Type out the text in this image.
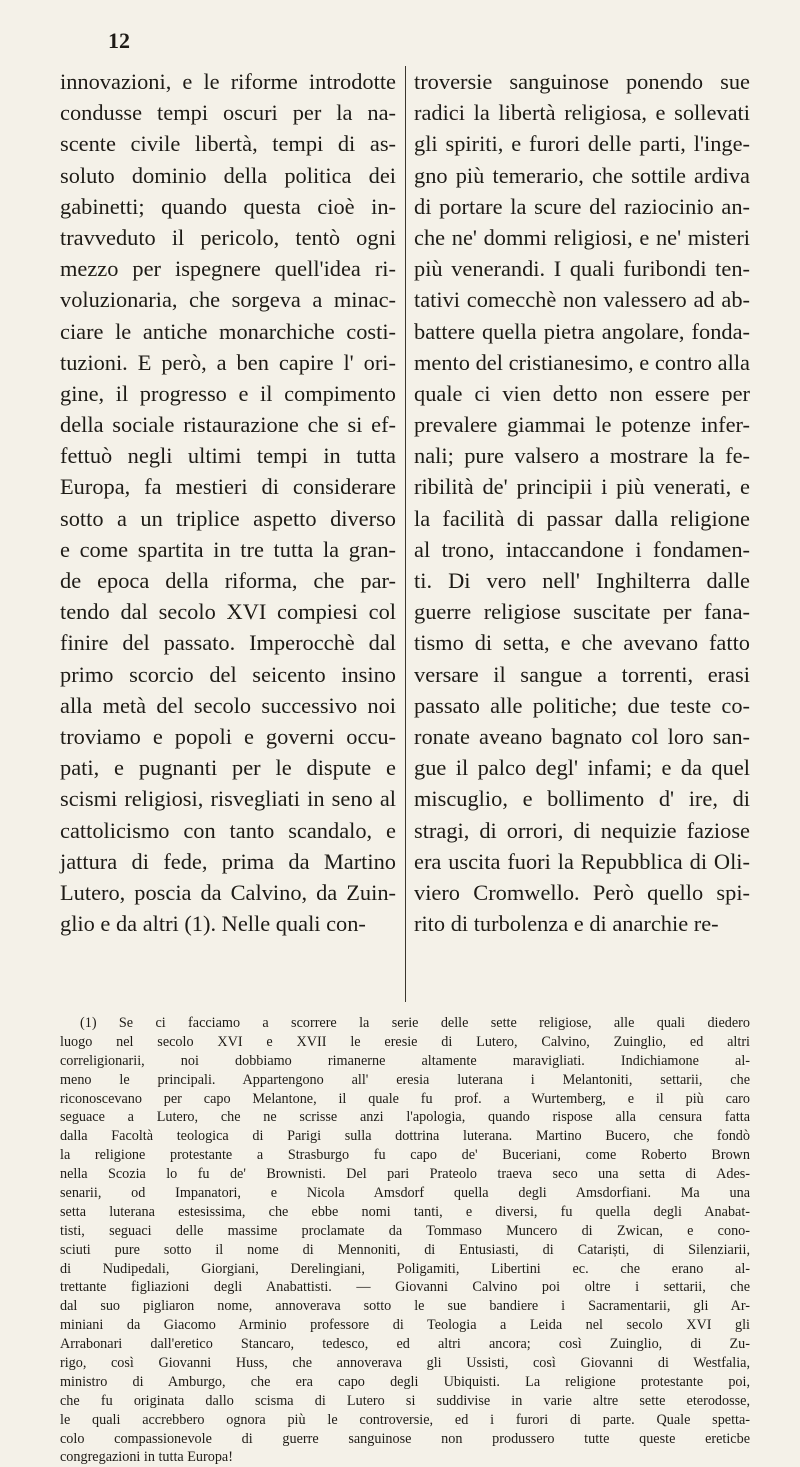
12
innovazioni, e le riforme introdotte
condusse tempi oscuri per la na-
scente civile libertà, tempi di as-
soluto dominio della politica dei
gabinetti; quando questa cioè in-
travveduto il pericolo, tentò ogni
mezzo per ispegnere quell'idea ri-
voluzionaria, che sorgeva a minac-
ciare le antiche monarchiche costi-
tuzioni. E però, a ben capire l' ori-
gine, il progresso e il compimento
della sociale ristaurazione che si ef-
fettuò negli ultimi tempi in tutta
Europa, fa mestieri di considerare
sotto a un triplice aspetto diverso
e come spartita in tre tutta la gran-
de epoca della riforma, che par-
tendo dal secolo XVI compiesi col
finire del passato. Imperocchè dal
primo scorcio del seicento insino
alla metà del secolo successivo noi
troviamo e popoli e governi occu-
pati, e pugnanti per le dispute e
scismi religiosi, risvegliati in seno al
cattolicismo con tanto scandalo, e
jattura di fede, prima da Martino
Lutero, poscia da Calvino, da Zuin-
glio e da altri (1). Nelle quali con-
troversie sanguinose ponendo sue
radici la libertà religiosa, e sollevati
gli spiriti, e furori delle parti, l'inge-
gno più temerario, che sottile ardiva
di portare la scure del raziocinio an-
che ne' dommi religiosi, e ne' misteri
più venerandi. I quali furibondi ten-
tativi comecchè non valessero ad ab-
battere quella pietra angolare, fonda-
mento del cristianesimo, e contro alla
quale ci vien detto non essere per
prevalere giammai le potenze infer-
nali; pure valsero a mostrare la fe-
ribilità de' principii i più venerati, e
la facilità di passar dalla religione
al trono, intaccandone i fondamen-
ti. Di vero nell' Inghilterra dalle
guerre religiose suscitate per fana-
tismo di setta, e che avevano fatto
versare il sangue a torrenti, erasi
passato alle politiche; due teste co-
ronate aveano bagnato col loro san-
gue il palco degl' infami; e da quel
miscuglio, e bollimento d' ire, di
stragi, di orrori, di nequizie faziose
era uscita fuori la Repubblica di Oli-
viero Cromwello. Però quello spi-
rito di turbolenza e di anarchie re-
(1) Se ci facciamo a scorrere la serie delle sette religiose, alle quali diedero
luogo nel secolo XVI e XVII le eresie di Lutero, Calvino, Zuinglio, ed altri
correligionarii, noi dobbiamo rimanerne altamente maravigliati. Indichiamone al-
meno le principali. Appartengono all' eresia luterana i Melantoniti, settarii, che
riconoscevano per capo Melantone, il quale fu prof. a Wurtemberg, e il più caro
seguace a Lutero, che ne scrisse anzi l'apologia, quando rispose alla censura fatta
dalla Facoltà teologica di Parigi sulla dottrina luterana. Martino Bucero, che fondò
la religione protestante a Strasburgo fu capo de' Buceriani, come Roberto Brown
nella Scozia lo fu de' Brownisti. Del pari Prateolo traeva seco una setta di Ades-
senarii, od Impanatori, e Nicola Amsdorf quella degli Amsdorfiani. Ma una
setta luterana estesissima, che ebbe nomi tanti, e diversi, fu quella degli Anabat-
tisti, seguaci delle massime proclamate da Tommaso Muncero di Zwican, e cono-
sciuti pure sotto il nome di Mennoniti, di Entusiasti, di Catariști, di Silenziarii,
di Nudipedali, Giorgiani, Derelingiani, Poligamiti, Libertini ec. che erano al-
trettante figliazioni degli Anabattisti. — Giovanni Calvino poi oltre i settarii, che
dal suo pigliaron nome, annoverava sotto le sue bandiere i Sacramentarii, gli Ar-
miniani da Giacomo Arminio professore di Teologia a Leida nel secolo XVI gli
Arrabonari dall'eretico Stancaro, tedesco, ed altri ancora; così Zuinglio, di Zu-
rigo, così Giovanni Huss, che annoverava gli Ussisti, così Giovanni di Westfalia,
ministro di Amburgo, che era capo degli Ubiquisti. La religione protestante poi,
che fu originata dallo scisma di Lutero si suddivise in varie altre sette eterodosse,
le quali accrebbero ognora più le controversie, ed i furori di parte. Quale spetta-
colo compassionevole di guerre sanguinose non produssero tutte queste ereticbe
congregazioni in tutta Europa!
